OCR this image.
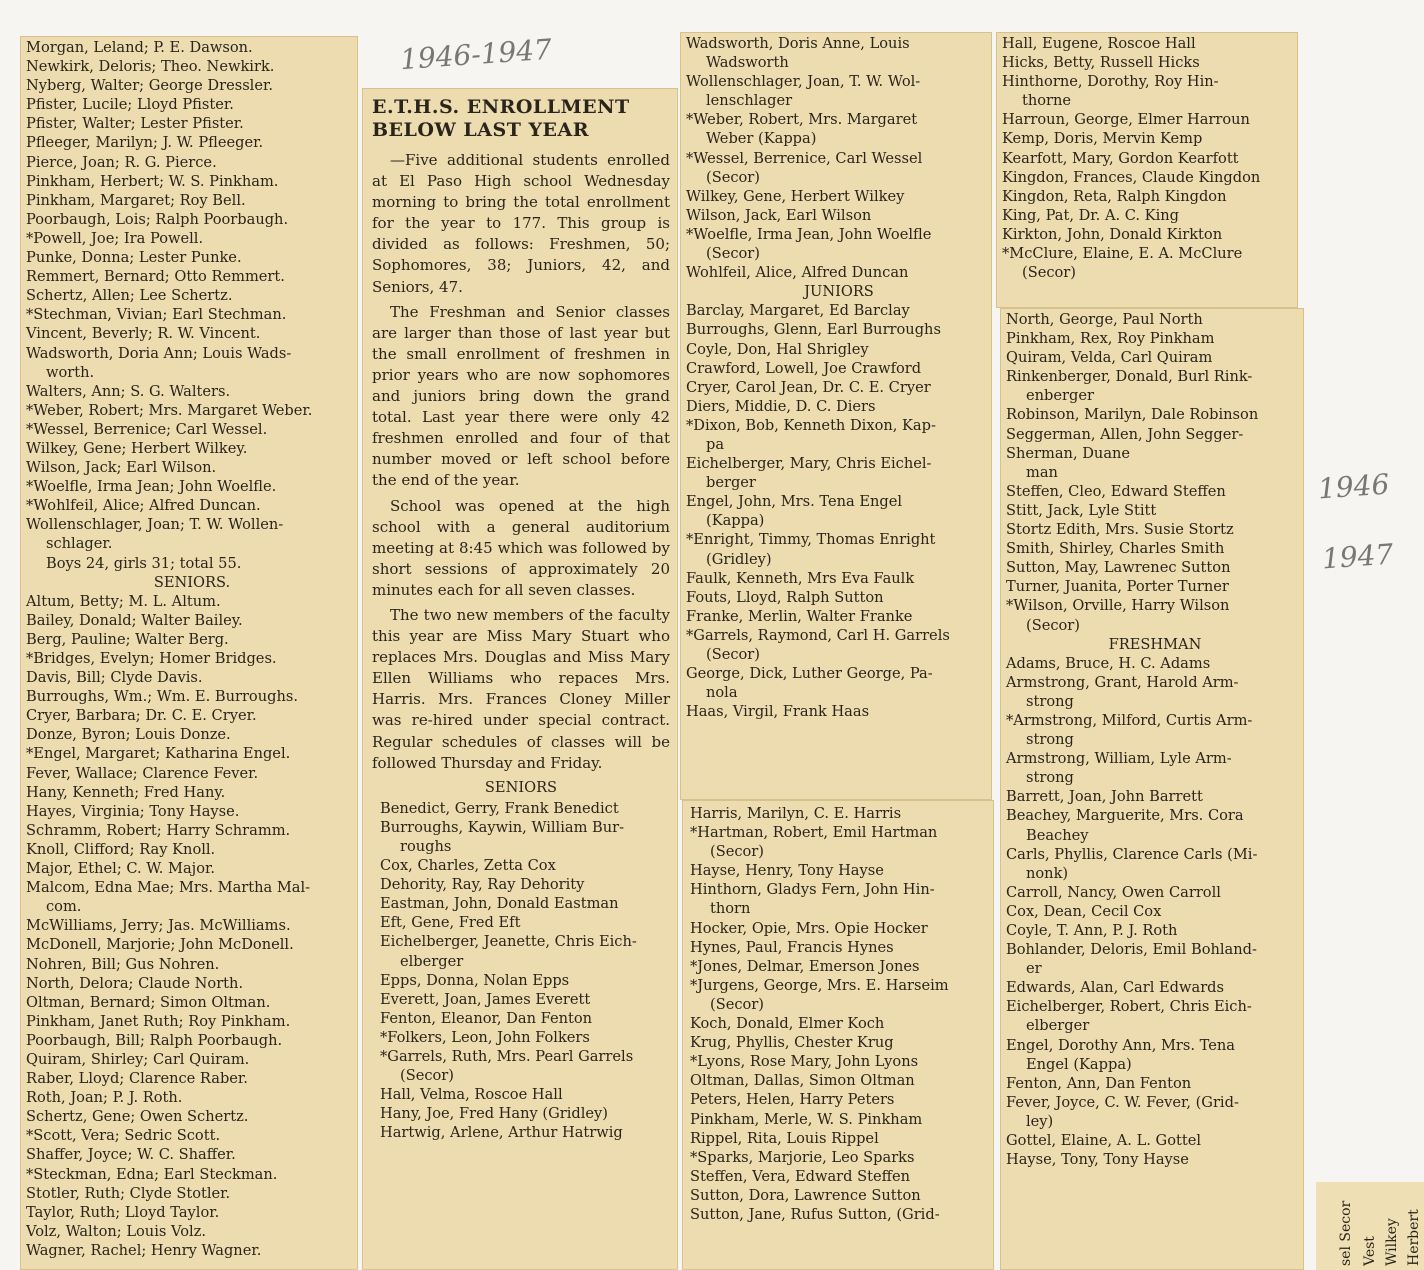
1946-1947
1946
1947

Morgan, Leland; P. E. Dawson.

Newkirk, Deloris; Theo. Newkirk.

Nyberg, Walter; George Dressler.

Pfister, Lucile; Lloyd Pfister.

Pfister, Walter; Lester Pfister.

Pfleeger, Marilyn; J. W. Pfleeger.

Pierce, Joan; R. G. Pierce.

Pinkham, Herbert; W. S. Pinkham.

Pinkham, Margaret; Roy Bell.

Poorbaugh, Lois; Ralph Poorbaugh.

*Powell, Joe; Ira Powell.

Punke, Donna; Lester Punke.

Remmert, Bernard; Otto Remmert.

Schertz, Allen; Lee Schertz.

*Stechman, Vivian; Earl Stechman.

Vincent, Beverly; R. W. Vincent.

Wadsworth, Doria Ann; Louis Wads-

worth.

Walters, Ann; S. G. Walters.

*Weber, Robert; Mrs. Margaret Weber.

*Wessel, Berrenice; Carl Wessel.

Wilkey, Gene; Herbert Wilkey.

Wilson, Jack; Earl Wilson.

*Woelfle, Irma Jean; John Woelfle.

*Wohlfeil, Alice; Alfred Duncan.

Wollenschlager, Joan; T. W. Wollen-

schlager.

Boys 24, girls 31; total 55.

SENIORS.

Altum, Betty; M. L. Altum.

Bailey, Donald; Walter Bailey.

Berg, Pauline; Walter Berg.

*Bridges, Evelyn; Homer Bridges.

Davis, Bill; Clyde Davis.

Burroughs, Wm.; Wm. E. Burroughs.

Cryer, Barbara; Dr. C. E. Cryer.

Donze, Byron; Louis Donze.

*Engel, Margaret; Katharina Engel.

Fever, Wallace; Clarence Fever.

Hany, Kenneth; Fred Hany.

Hayes, Virginia; Tony Hayse.

Schramm, Robert; Harry Schramm.

Knoll, Clifford; Ray Knoll.

Major, Ethel; C. W. Major.

Malcom, Edna Mae; Mrs. Martha Mal-

com.

McWilliams, Jerry; Jas. McWilliams.

McDonell, Marjorie; John McDonell.

Nohren, Bill; Gus Nohren.

North, Delora; Claude North.

Oltman, Bernard; Simon Oltman.

Pinkham, Janet Ruth; Roy Pinkham.

Poorbaugh, Bill; Ralph Poorbaugh.

Quiram, Shirley; Carl Quiram.

Raber, Lloyd; Clarence Raber.

Roth, Joan; P. J. Roth.

Schertz, Gene; Owen Schertz.

*Scott, Vera; Sedric Scott.

Shaffer, Joyce; W. C. Shaffer.

*Steckman, Edna; Earl Steckman.

Stotler, Ruth; Clyde Stotler.

Taylor, Ruth; Lloyd Taylor.

Volz, Walton; Louis Volz.

Wagner, Rachel; Henry Wagner.

E.T.H.S. ENROLLMENT
BELOW LAST YEAR

—Five additional students enrolled at El Paso High school Wednesday morning to bring the total enrollment for the year to 177. This group is divided as follows: Freshmen, 50; Sophomores, 38; Juniors, 42, and Seniors, 47.

The Freshman and Senior classes are larger than those of last year but the small enrollment of freshmen in prior years who are now sophomores and juniors bring down the grand total. Last year there were only 42 freshmen enrolled and four of that number moved or left school before the end of the year.

School was opened at the high school with a general auditorium meeting at 8:45 which was followed by short sessions of approximately 20 minutes each for all seven classes.

The two new members of the faculty this year are Miss Mary Stuart who replaces Mrs. Douglas and Miss Mary Ellen Williams who repaces Mrs. Harris. Mrs. Frances Cloney Miller was re-hired under special contract. Regular schedules of classes will be followed Thursday and Friday.

SENIORS

Benedict, Gerry, Frank Benedict

Burroughs, Kaywin, William Bur-

roughs

Cox, Charles, Zetta Cox

Dehority, Ray, Ray Dehority

Eastman, John, Donald Eastman

Eft, Gene, Fred Eft

Eichelberger, Jeanette, Chris Eich-

elberger

Epps, Donna, Nolan Epps

Everett, Joan, James Everett

Fenton, Eleanor, Dan Fenton

*Folkers, Leon, John Folkers

*Garrels, Ruth, Mrs. Pearl Garrels

(Secor)

Hall, Velma, Roscoe Hall

Hany, Joe, Fred Hany (Gridley)

Hartwig, Arlene, Arthur Hatrwig

Wadsworth, Doris Anne, Louis

Wadsworth

Wollenschlager, Joan, T. W. Wol-

lenschlager

*Weber, Robert, Mrs. Margaret

Weber (Kappa)

*Wessel, Berrenice, Carl Wessel

(Secor)

Wilkey, Gene, Herbert Wilkey

Wilson, Jack, Earl Wilson

*Woelfle, Irma Jean, John Woelfle

(Secor)

Wohlfeil, Alice, Alfred Duncan

JUNIORS

Barclay, Margaret, Ed Barclay

Burroughs, Glenn, Earl Burroughs

Coyle, Don, Hal Shrigley

Crawford, Lowell, Joe Crawford

Cryer, Carol Jean, Dr. C. E. Cryer

Diers, Middie, D. C. Diers

*Dixon, Bob, Kenneth Dixon, Kap-

pa

Eichelberger, Mary, Chris Eichel-

berger

Engel, John, Mrs. Tena Engel

(Kappa)

*Enright, Timmy, Thomas Enright

(Gridley)

Faulk, Kenneth, Mrs Eva Faulk

Fouts, Lloyd, Ralph Sutton

Franke, Merlin, Walter Franke

*Garrels, Raymond, Carl H. Garrels

(Secor)

George, Dick, Luther George, Pa-

nola

Haas, Virgil, Frank Haas

Harris, Marilyn, C. E. Harris

*Hartman, Robert, Emil Hartman

(Secor)

Hayse, Henry, Tony Hayse

Hinthorn, Gladys Fern, John Hin-

thorn

Hocker, Opie, Mrs. Opie Hocker

Hynes, Paul, Francis Hynes

*Jones, Delmar, Emerson Jones

*Jurgens, George, Mrs. E. Harseim

(Secor)

Koch, Donald, Elmer Koch

Krug, Phyllis, Chester Krug

*Lyons, Rose Mary, John Lyons

Oltman, Dallas, Simon Oltman

Peters, Helen, Harry Peters

Pinkham, Merle, W. S. Pinkham

Rippel, Rita, Louis Rippel

*Sparks, Marjorie, Leo Sparks

Steffen, Vera, Edward Steffen

Sutton, Dora, Lawrence Sutton

Sutton, Jane, Rufus Sutton, (Grid-

Hall, Eugene, Roscoe Hall

Hicks, Betty, Russell Hicks

Hinthorne, Dorothy, Roy Hin-

thorne

Harroun, George, Elmer Harroun

Kemp, Doris, Mervin Kemp

Kearfott, Mary, Gordon Kearfott

Kingdon, Frances, Claude Kingdon

Kingdon, Reta, Ralph Kingdon

King, Pat, Dr. A. C. King

Kirkton, John, Donald Kirkton

*McClure, Elaine, E. A. McClure

(Secor)

North, George, Paul North

Pinkham, Rex, Roy Pinkham

Quiram, Velda, Carl Quiram

Rinkenberger, Donald, Burl Rink-

enberger

Robinson, Marilyn, Dale Robinson

Seggerman, Allen, John Segger-

Sherman, Duane

man

Steffen, Cleo, Edward Steffen

Stitt, Jack, Lyle Stitt

Stortz Edith, Mrs. Susie Stortz

Smith, Shirley, Charles Smith

Sutton, May, Lawrenec Sutton

Turner, Juanita, Porter Turner

*Wilson, Orville, Harry Wilson

(Secor)

FRESHMAN

Adams, Bruce, H. C. Adams

Armstrong, Grant, Harold Arm-

strong

*Armstrong, Milford, Curtis Arm-

strong

Armstrong, William, Lyle Arm-

strong

Barrett, Joan, John Barrett

Beachey, Marguerite, Mrs. Cora

Beachey

Carls, Phyllis, Clarence Carls (Mi-

nonk)

Carroll, Nancy, Owen Carroll

Cox, Dean, Cecil Cox

Coyle, T. Ann, P. J. Roth

Bohlander, Deloris, Emil Bohland-

er

Edwards, Alan, Carl Edwards

Eichelberger, Robert, Chris Eich-

elberger

Engel, Dorothy Ann, Mrs. Tena

Engel (Kappa)

Fenton, Ann, Dan Fenton

Fever, Joyce, C. W. Fever, (Grid-

ley)

Gottel, Elaine, A. L. Gottel

Hayse, Tony, Tony Hayse

sel Secor Vest Wilkey Herbert
